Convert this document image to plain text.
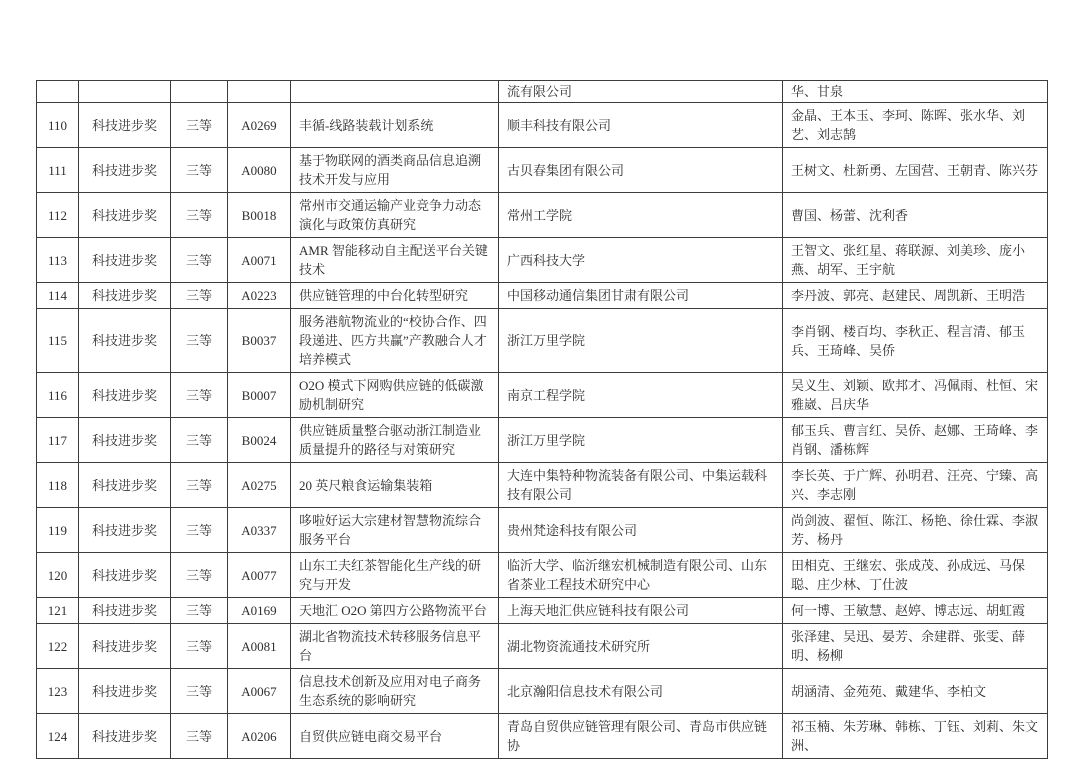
					流有限公司	华、甘泉
110	科技进步奖	三等	A0269	丰循-线路装载计划系统	顺丰科技有限公司	金晶、王本玉、李珂、陈晖、张水华、刘艺、刘志鹄
111	科技进步奖	三等	A0080	基于物联网的酒类商品信息追溯技术开发与应用	古贝春集团有限公司	王树文、杜新勇、左国营、王朝青、陈兴芬
112	科技进步奖	三等	B0018	常州市交通运输产业竞争力动态演化与政策仿真研究	常州工学院	曹国、杨蕾、沈利香
113	科技进步奖	三等	A0071	AMR 智能移动自主配送平台关键技术	广西科技大学	王智文、张红星、蒋联源、刘美珍、庞小燕、胡军、王宇航
114	科技进步奖	三等	A0223	供应链管理的中台化转型研究	中国移动通信集团甘肃有限公司	李丹波、郭亮、赵建民、周凯新、王明浩
115	科技进步奖	三等	B0037	服务港航物流业的“校协合作、四段递进、匹方共赢”产教融合人才培养模式	浙江万里学院	李肖钢、楼百均、李秋正、程言清、郁玉兵、王琦峰、吴侨
116	科技进步奖	三等	B0007	O2O 模式下网购供应链的低碳激励机制研究	南京工程学院	吴义生、刘颖、欧邦才、冯佩雨、杜恒、宋雅崴、吕庆华
117	科技进步奖	三等	B0024	供应链质量整合驱动浙江制造业质量提升的路径与对策研究	浙江万里学院	郁玉兵、曹言红、吴侨、赵娜、王琦峰、李肖钢、潘栋辉
118	科技进步奖	三等	A0275	20 英尺粮食运输集装箱	大连中集特种物流装备有限公司、中集运载科技有限公司	李长英、于广辉、孙明君、汪亮、宁臻、高兴、李志刚
119	科技进步奖	三等	A0337	哆啦好运大宗建材智慧物流综合服务平台	贵州梵途科技有限公司	尚剑波、翟恒、陈江、杨艳、徐仕霖、李淑芳、杨丹
120	科技进步奖	三等	A0077	山东工夫红茶智能化生产线的研究与开发	临沂大学、临沂继宏机械制造有限公司、山东省茶业工程技术研究中心	田相克、王继宏、张成茂、孙成远、马保聪、庄少林、丁仕波
121	科技进步奖	三等	A0169	天地汇 O2O 第四方公路物流平台	上海天地汇供应链科技有限公司	何一博、王敏慧、赵婷、博志远、胡虹霞
122	科技进步奖	三等	A0081	湖北省物流技术转移服务信息平台	湖北物资流通技术研究所	张泽建、吴迅、晏芳、余建群、张雯、薛明、杨柳
123	科技进步奖	三等	A0067	信息技术创新及应用对电子商务生态系统的影响研究	北京瀚阳信息技术有限公司	胡涵清、金苑苑、戴建华、李柏文
124	科技进步奖	三等	A0206	自贸供应链电商交易平台	青岛自贸供应链管理有限公司、青岛市供应链协	祁玉楠、朱芳琳、韩栋、丁钰、刘莉、朱文洲、
